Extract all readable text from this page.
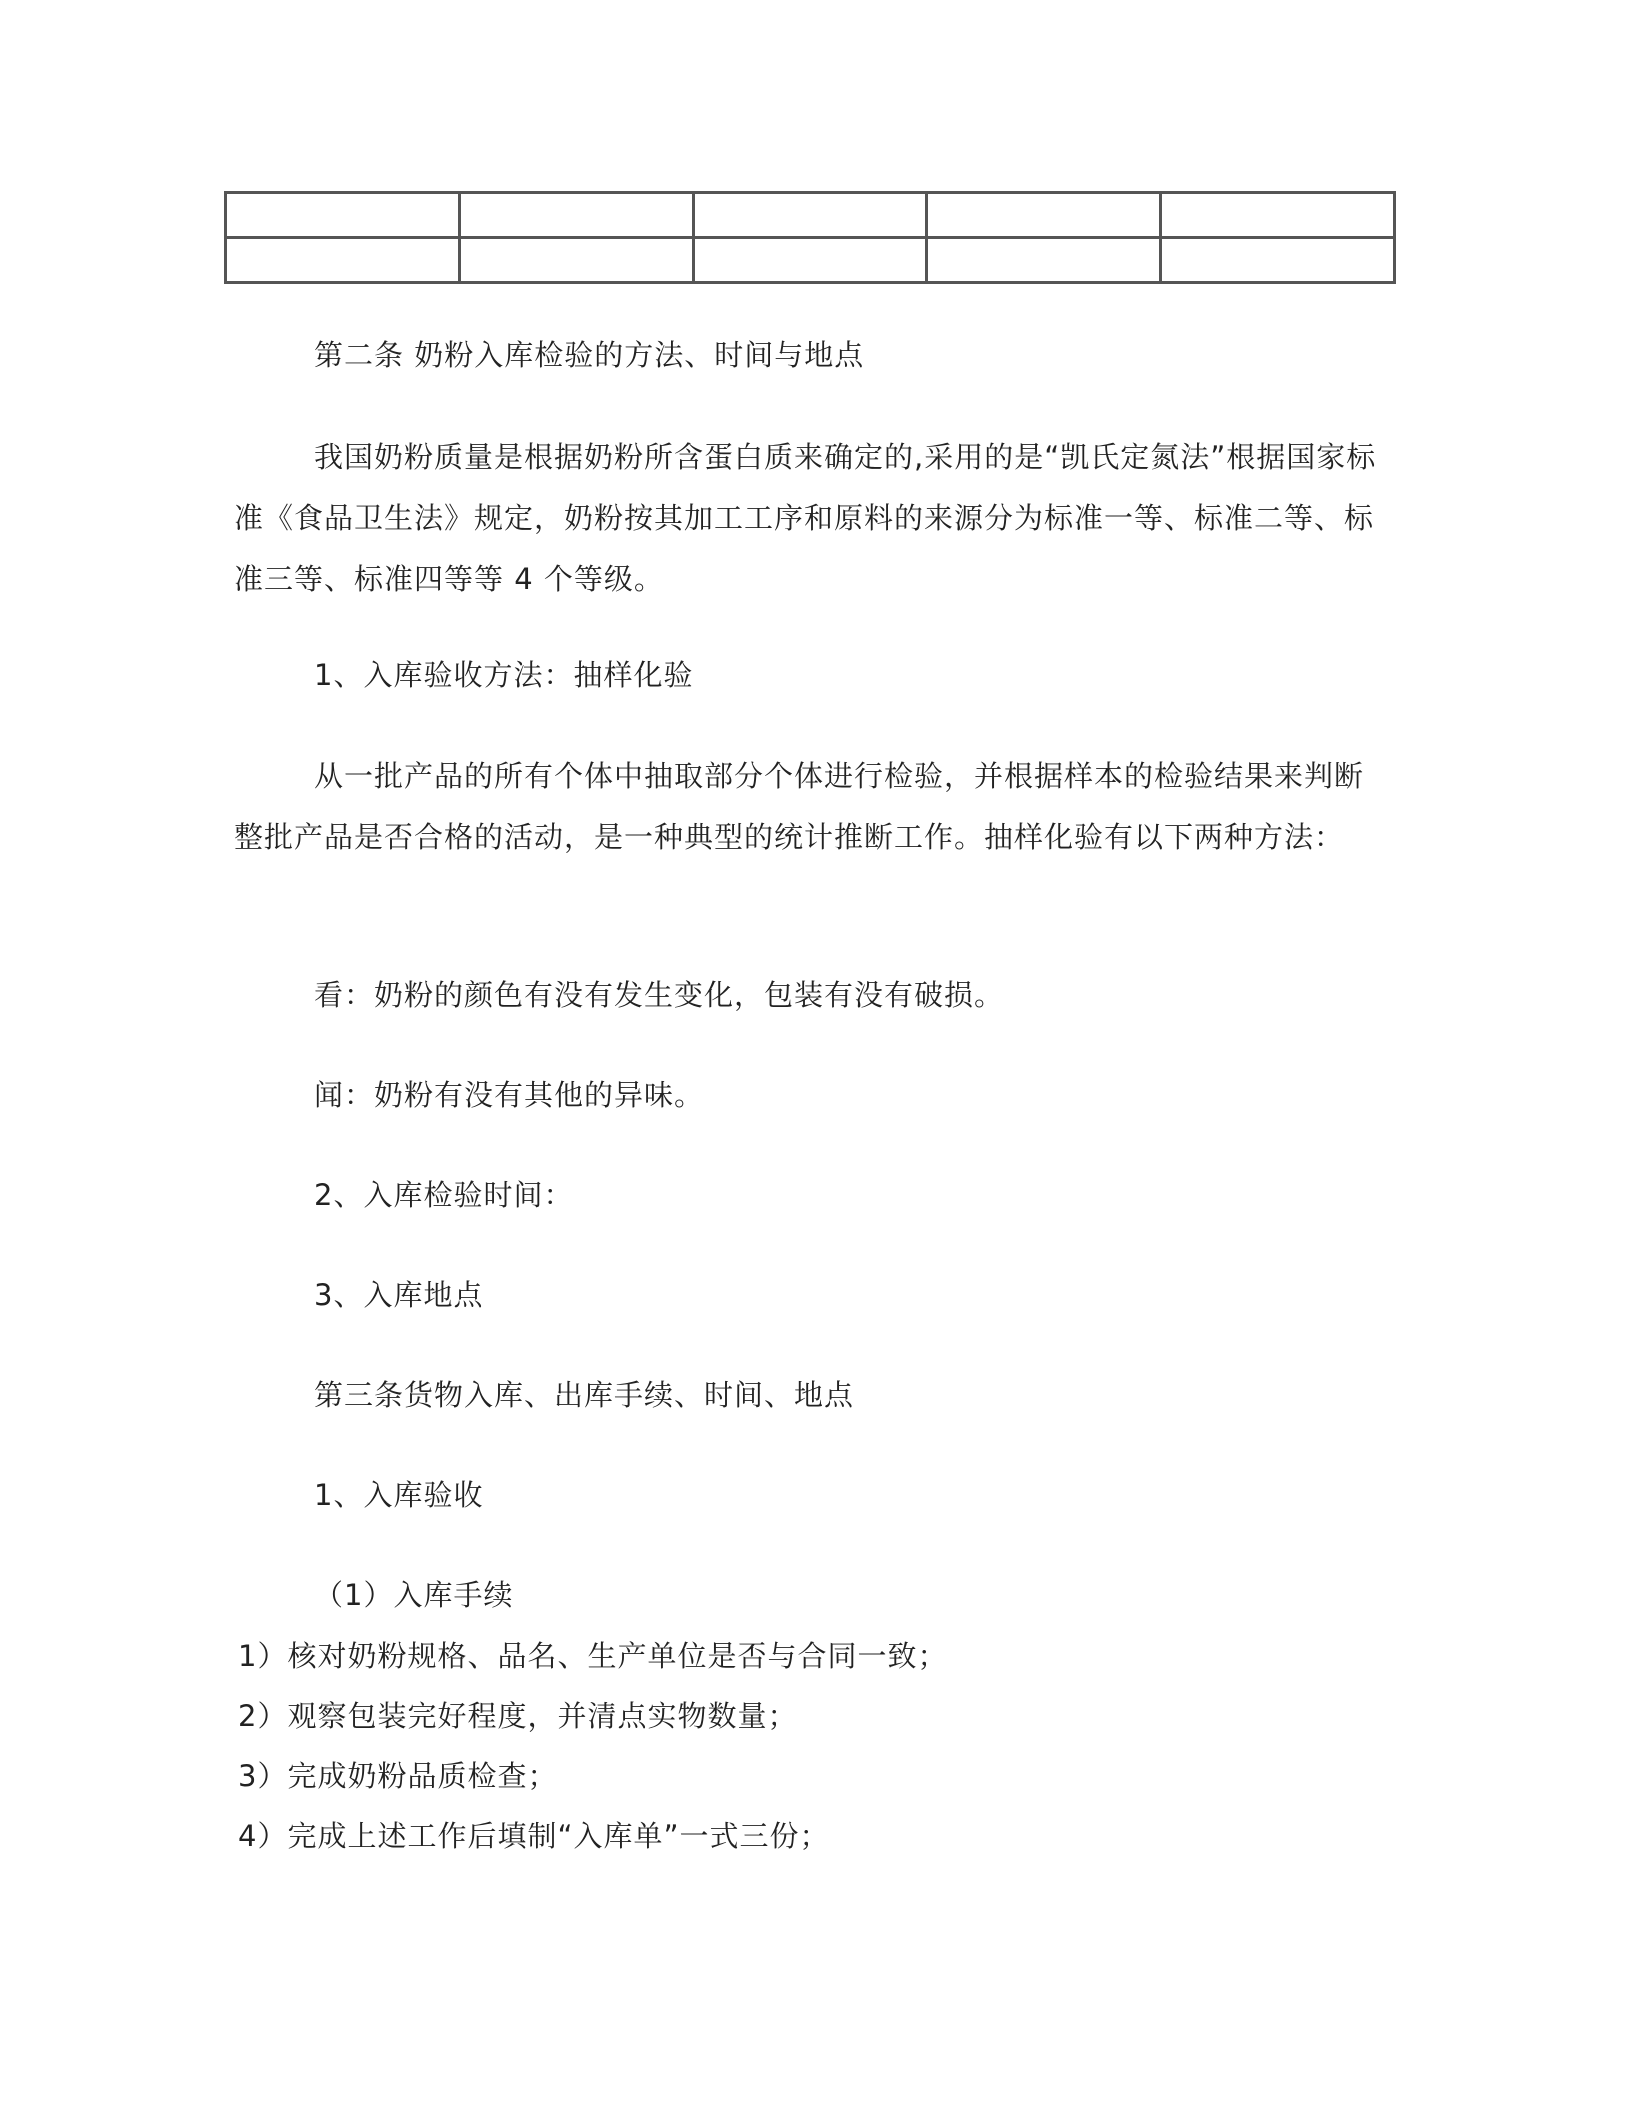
第二条 奶粉入库检验的方法、时间与地点

我国奶粉质量是根据奶粉所含蛋白质来确定的,采用的是“凯氏定氮法”根据国家标准《食品卫生法》规定，奶粉按其加工工序和原料的来源分为标准一等、标准二等、标准三等、标准四等等 4 个等级。

1、入库验收方法：抽样化验

从一批产品的所有个体中抽取部分个体进行检验，并根据样本的检验结果来判断整批产品是否合格的活动，是一种典型的统计推断工作。抽样化验有以下两种方法：

看：奶粉的颜色有没有发生变化，包装有没有破损。

闻：奶粉有没有其他的异味。

2、入库检验时间：

3、入库地点

第三条货物入库、出库手续、时间、地点

1、入库验收

（1）入库手续

1）核对奶粉规格、品名、生产单位是否与合同一致；

2）观察包装完好程度，并清点实物数量；

3）完成奶粉品质检查；

4）完成上述工作后填制“入库单”一式三份；
